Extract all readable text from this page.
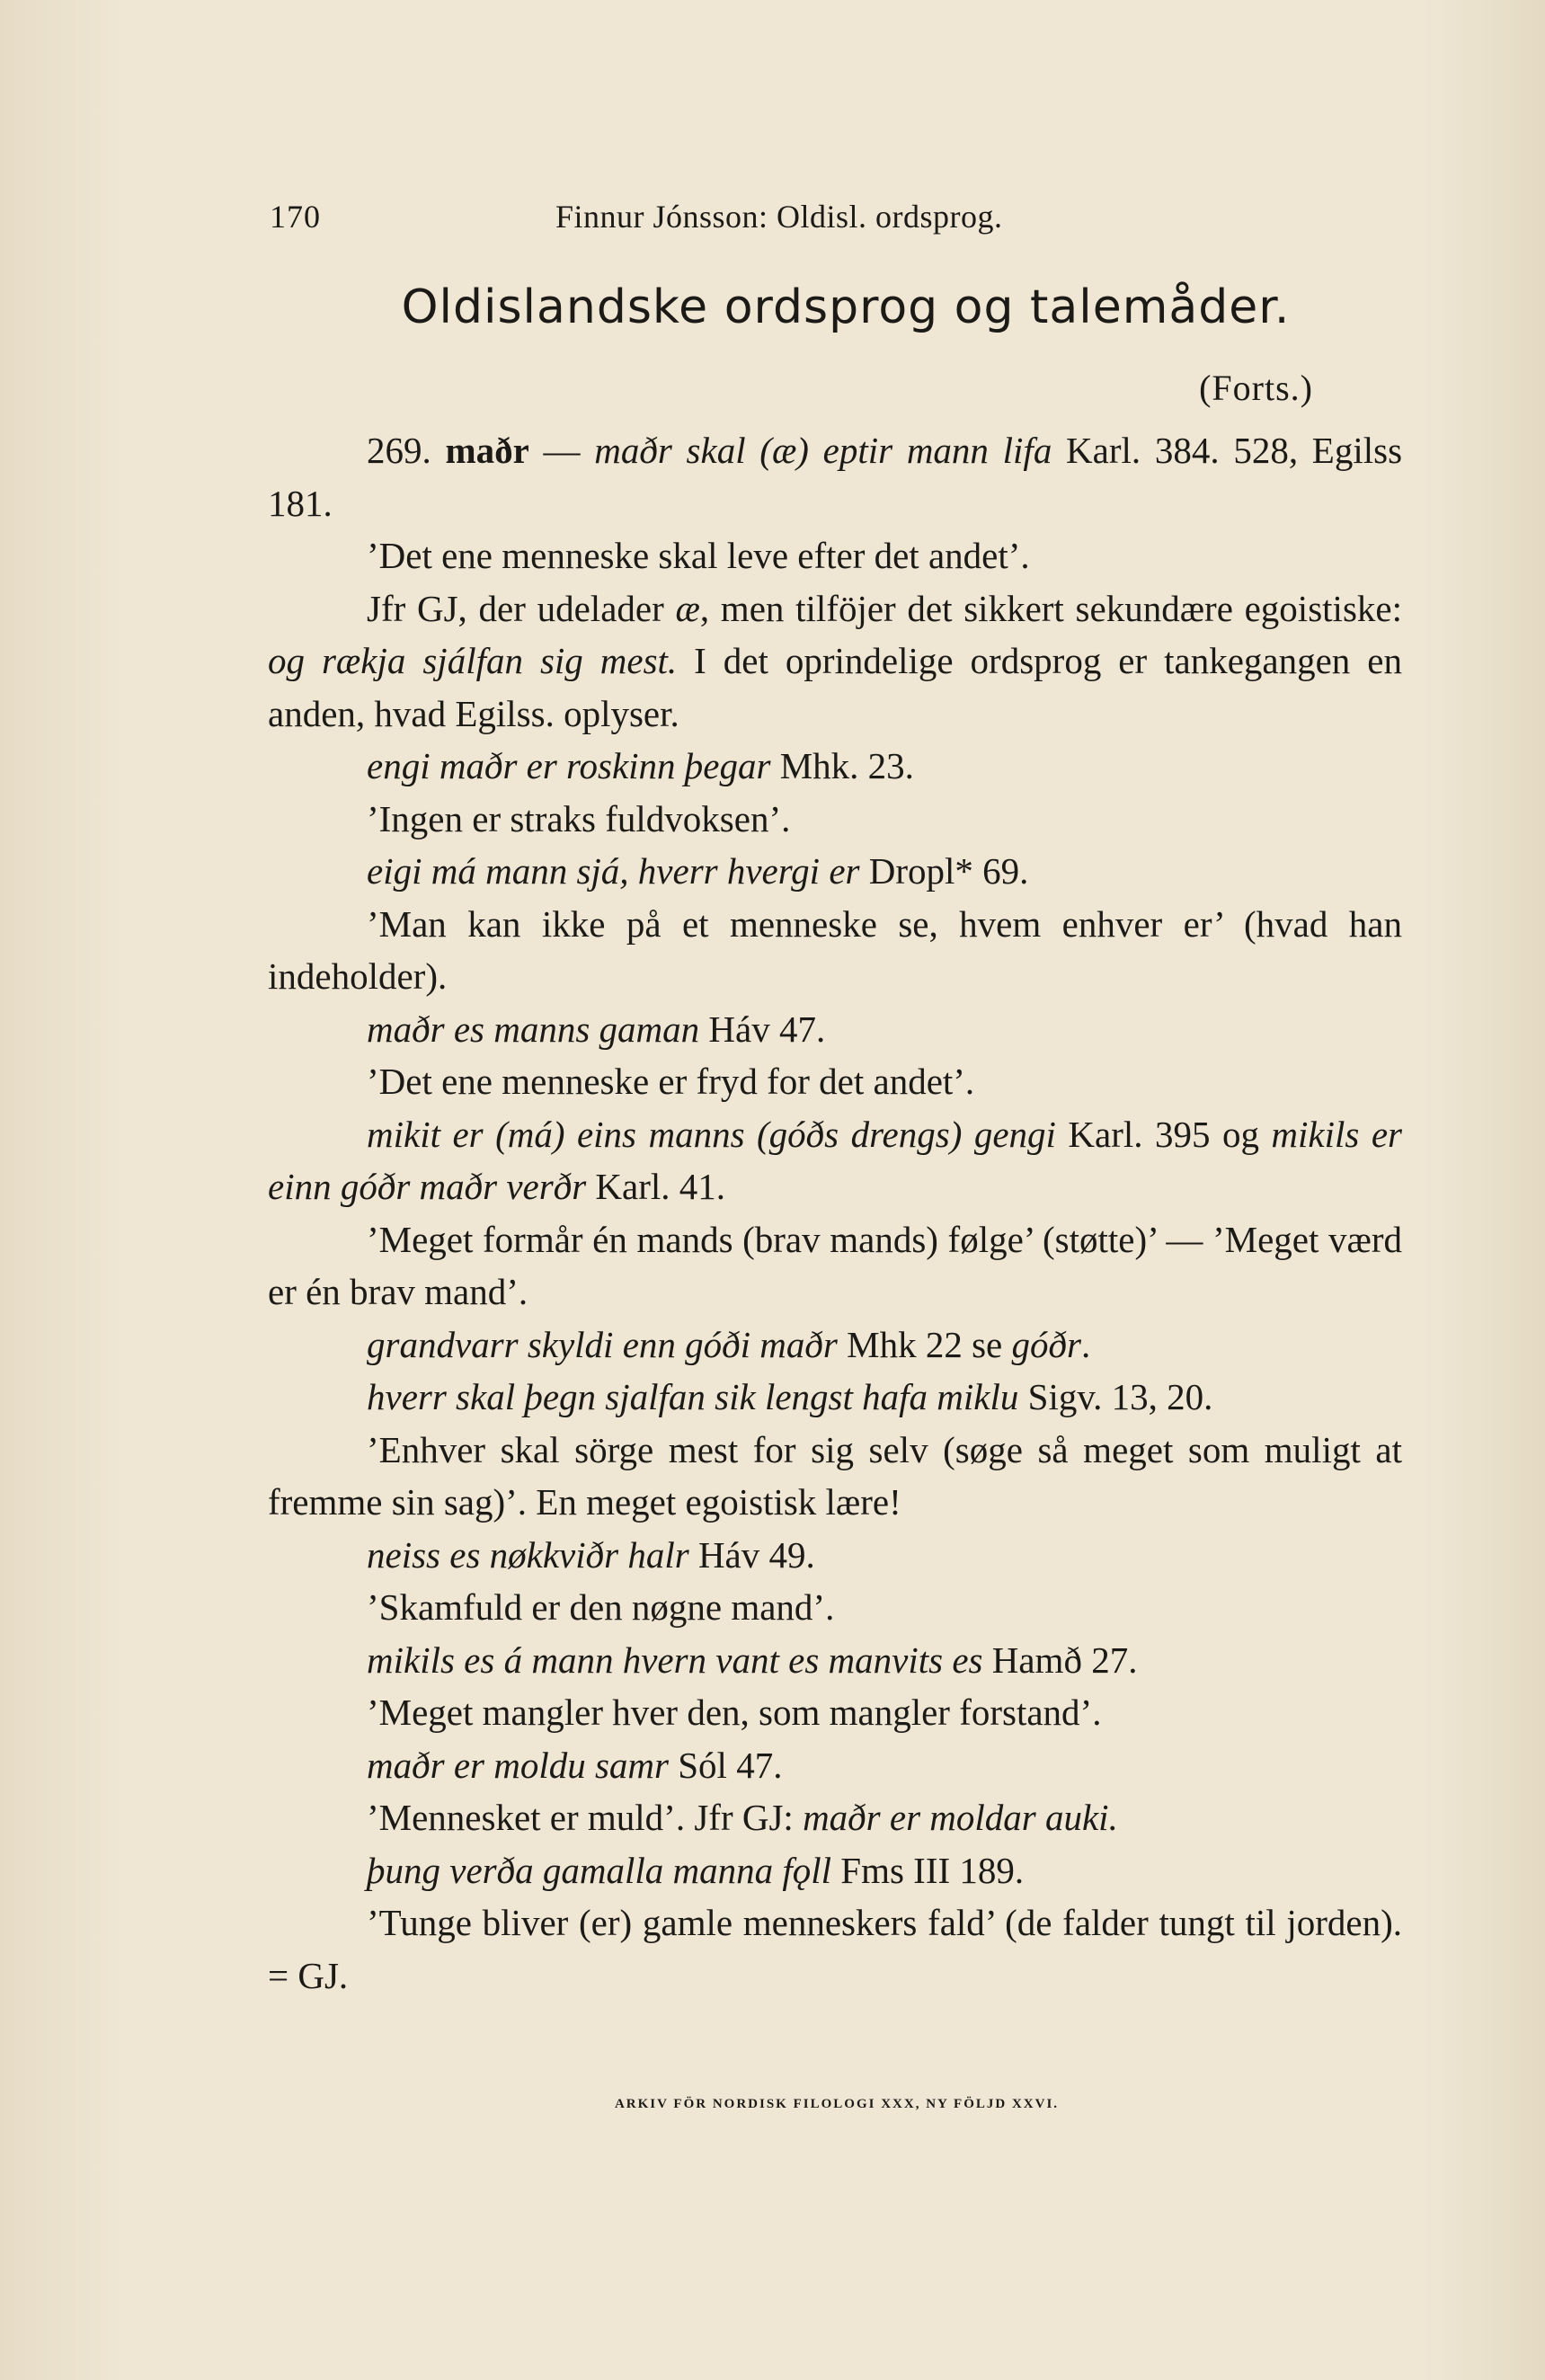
170	Finnur Jónsson: Oldisl. ordsprog.
Oldislandske ordsprog og talemåder.
(Forts.)

269. maðr — maðr skal (æ) eptir mann lifa Karl. 384. 528, Egilss 181.

’Det ene menneske skal leve efter det andet’.

Jfr GJ, der udelader æ, men tilföjer det sikkert sekundære egoistiske: og rækja sjálfan sig mest. I det oprindelige ordsprog er tankegangen en anden, hvad Egilss. oplyser.

engi maðr er roskinn þegar Mhk. 23.

’Ingen er straks fuldvoksen’.

eigi má mann sjá, hverr hvergi er Dropl* 69.

’Man kan ikke på et menneske se, hvem enhver er’ (hvad han indeholder).

maðr es manns gaman Háv 47.

’Det ene menneske er fryd for det andet’.

mikit er (má) eins manns (góðs drengs) gengi Karl. 395 og mikils er einn góðr maðr verðr Karl. 41.

’Meget formår én mands (brav mands) følge’ (støtte)’ — ’Meget værd er én brav mand’.

grandvarr skyldi enn góði maðr Mhk 22 se góðr.

hverr skal þegn sjalfan sik lengst hafa miklu Sigv. 13, 20.

’Enhver skal sörge mest for sig selv (søge så meget som muligt at fremme sin sag)’. En meget egoistisk lære!

neiss es nøkkviðr halr Háv 49.

’Skamfuld er den nøgne mand’.

mikils es á mann hvern vant es manvits es Hamð 27.

’Meget mangler hver den, som mangler forstand’.

maðr er moldu samr Sól 47.

’Mennesket er muld’. Jfr GJ: maðr er moldar auki.

þung verða gamalla manna fǫll Fms III 189.

’Tunge bliver (er) gamle menneskers fald’ (de falder tungt til jorden). = GJ.

ARKIV FÖR NORDISK FILOLOGI XXX, NY FÖLJD XXVI.
